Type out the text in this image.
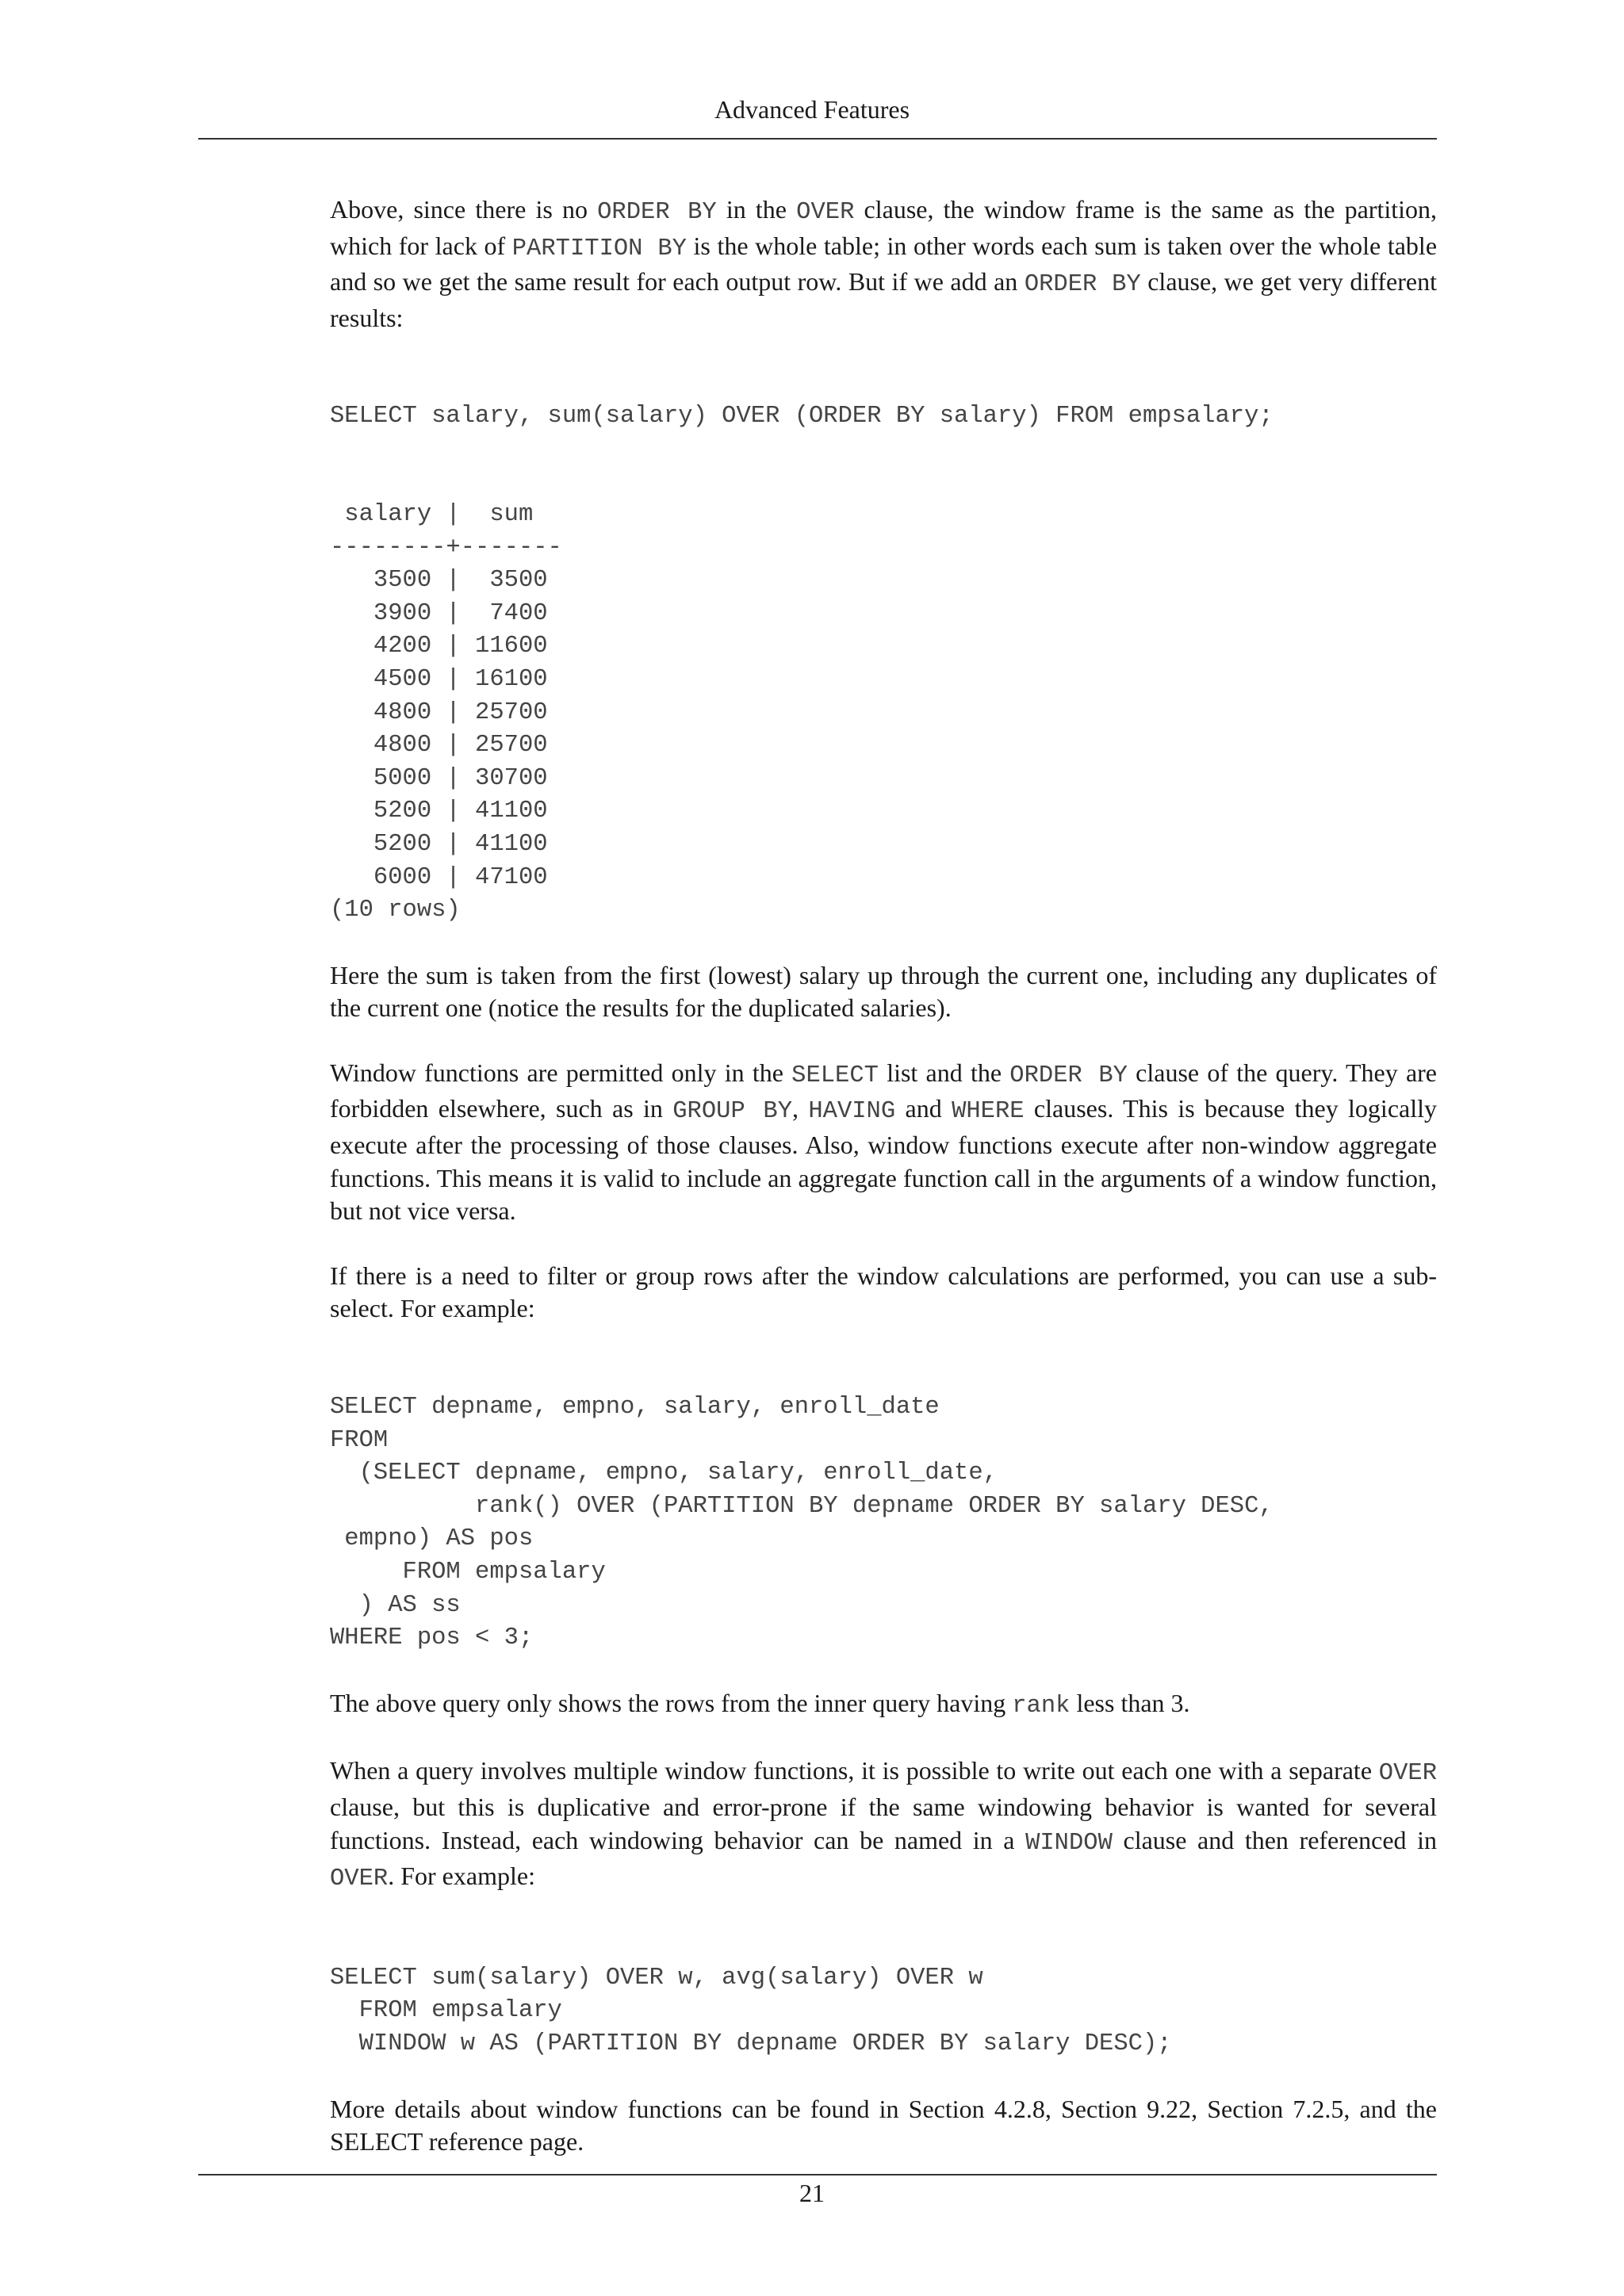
Advanced Features

Above, since there is no ORDER BY in the OVER clause, the window frame is the same as the partition, which for lack of PARTITION BY is the whole table; in other words each sum is taken over the whole table and so we get the same result for each output row. But if we add an ORDER BY clause, we get very different results:

SELECT salary, sum(salary) OVER (ORDER BY salary) FROM empsalary;
salary |  sum
--------+-------
3500 |  3500
3900 |  7400
4200 | 11600
4500 | 16100
4800 | 25700
4800 | 25700
5000 | 30700
5200 | 41100
5200 | 41100
6000 | 47100
(10 rows)

Here the sum is taken from the first (lowest) salary up through the current one, including any duplicates of the current one (notice the results for the duplicated salaries).

Window functions are permitted only in the SELECT list and the ORDER BY clause of the query. They are forbidden elsewhere, such as in GROUP BY, HAVING and WHERE clauses. This is because they logically execute after the processing of those clauses. Also, window functions execute after non-window aggregate functions. This means it is valid to include an aggregate function call in the arguments of a window function, but not vice versa.

If there is a need to filter or group rows after the window calculations are performed, you can use a sub-select. For example:

SELECT depname, empno, salary, enroll_date
FROM
(SELECT depname, empno, salary, enroll_date,
rank() OVER (PARTITION BY depname ORDER BY salary DESC,
empno) AS pos
FROM empsalary
) AS ss
WHERE pos < 3;

The above query only shows the rows from the inner query having rank less than 3.

When a query involves multiple window functions, it is possible to write out each one with a separate OVER clause, but this is duplicative and error-prone if the same windowing behavior is wanted for several functions. Instead, each windowing behavior can be named in a WINDOW clause and then referenced in OVER. For example:

SELECT sum(salary) OVER w, avg(salary) OVER w
FROM empsalary
WINDOW w AS (PARTITION BY depname ORDER BY salary DESC);

More details about window functions can be found in Section 4.2.8, Section 9.22, Section 7.2.5, and the SELECT reference page.

21
